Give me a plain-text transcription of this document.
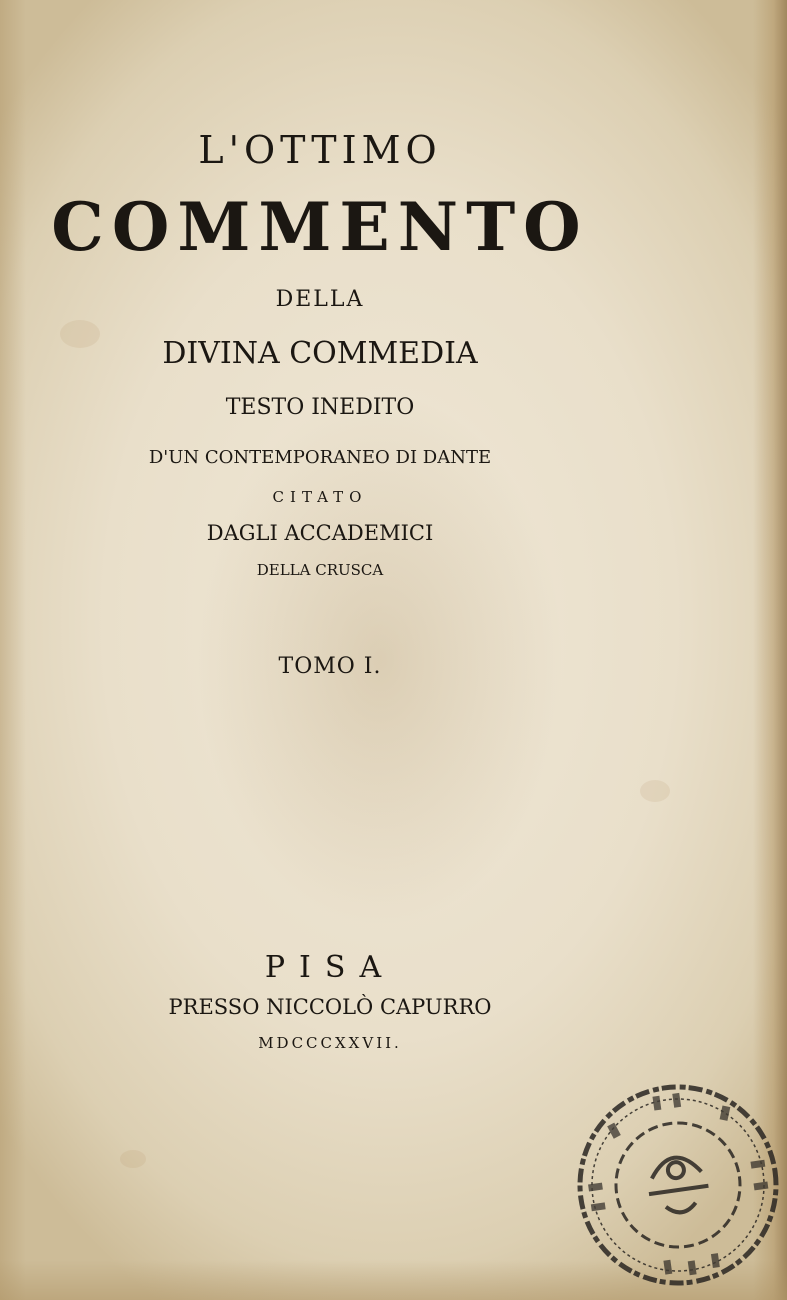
L'OTTIMO
COMMENTO
DELLA
DIVINA COMMEDIA
TESTO INEDITO
D'UN CONTEMPORANEO DI DANTE
CITATO
DAGLI ACCADEMICI
DELLA CRUSCA
TOMO I.
PISA
PRESSO NICCOLÒ CAPURRO
MDCCCXXVII.
